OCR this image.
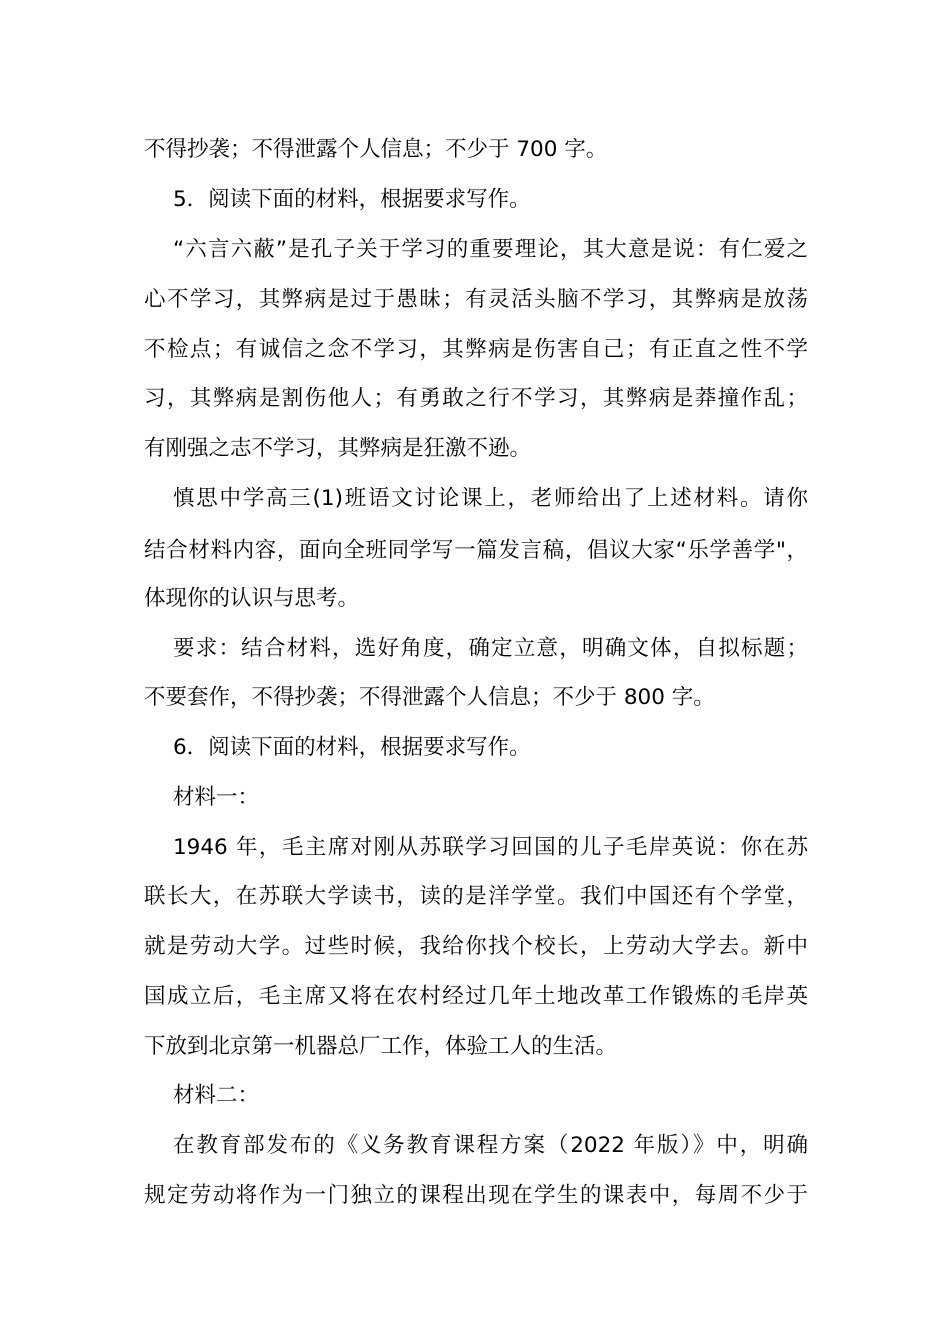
不得抄袭；不得泄露个人信息；不少于 700 字。
5．阅读下面的材料，根据要求写作。
“六言六蔽”是孔子关于学习的重要理论，其大意是说：有仁爱之
心不学习，其弊病是过于愚昧；有灵活头脑不学习，其弊病是放荡
不检点；有诚信之念不学习，其弊病是伤害自己；有正直之性不学
习，其弊病是割伤他人；有勇敢之行不学习，其弊病是莽撞作乱；
有刚强之志不学习，其弊病是狂激不逊。
慎思中学高三(1)班语文讨论课上，老师给出了上述材料。请你
结合材料内容，面向全班同学写一篇发言稿，倡议大家“乐学善学"，
体现你的认识与思考。
要求：结合材料，选好角度，确定立意，明确文体，自拟标题；
不要套作，不得抄袭；不得泄露个人信息；不少于 800 字。
6．阅读下面的材料，根据要求写作。
材料一：
1946 年，毛主席对刚从苏联学习回国的儿子毛岸英说：你在苏
联长大，在苏联大学读书，读的是洋学堂。我们中国还有个学堂，
就是劳动大学。过些时候，我给你找个校长，上劳动大学去。新中
国成立后，毛主席又将在农村经过几年土地改革工作锻炼的毛岸英
下放到北京第一机器总厂工作，体验工人的生活。
材料二：
在教育部发布的《义务教育课程方案（2022 年版）》中，明确
规定劳动将作为一门独立的课程出现在学生的课表中，每周不少于
